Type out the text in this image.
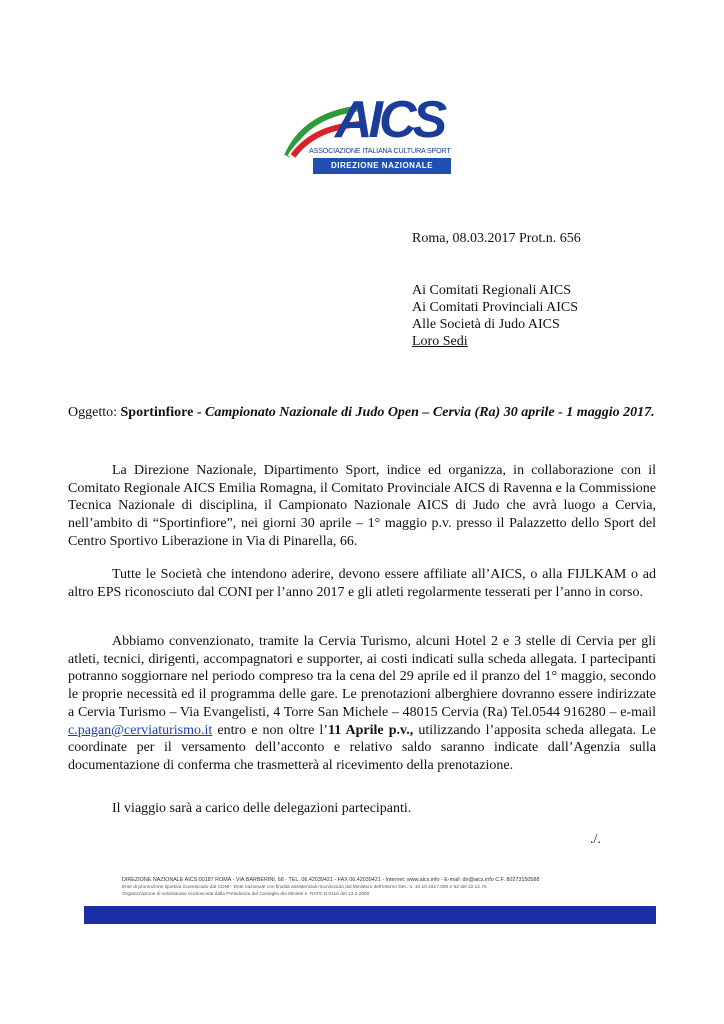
AICS
ASSOCIAZIONE ITALIANA CULTURA SPORT
DIREZIONE NAZIONALE
Roma, 08.03.2017 Prot.n. 656
Ai Comitati Regionali AICS
Ai Comitati Provinciali AICS
Alle Società di Judo AICS
Loro Sedi
Oggetto: Sportinfiore - Campionato Nazionale di Judo Open – Cervia (Ra) 30 aprile - 1 maggio 2017.
La Direzione Nazionale, Dipartimento Sport, indice ed organizza, in collaborazione con il Comitato Regionale AICS Emilia Romagna, il Comitato Provinciale AICS di Ravenna e la Commissione Tecnica Nazionale di disciplina, il Campionato Nazionale AICS di Judo che avrà luogo a Cervia, nell’ambito di “Sportinfiore”, nei giorni 30 aprile – 1° maggio p.v. presso il Palazzetto dello Sport del Centro Sportivo Liberazione in Via di Pinarella, 66.
Tutte le Società che intendono aderire, devono essere affiliate all’AICS, o alla FIJLKAM o ad altro EPS riconosciuto dal CONI per l’anno 2017 e gli atleti regolarmente tesserati per l’anno in corso.
Abbiamo convenzionato, tramite la Cervia Turismo, alcuni Hotel 2 e 3 stelle di Cervia per gli atleti, tecnici, dirigenti, accompagnatori e supporter, ai costi indicati sulla scheda allegata. I partecipanti potranno soggiornare nel periodo compreso tra la cena del 29 aprile ed il pranzo del 1° maggio, secondo le proprie necessità ed il programma delle gare. Le prenotazioni alberghiere dovranno essere indirizzate a Cervia Turismo – Via Evangelisti, 4 Torre San Michele – 48015 Cervia (Ra) Tel.0544 916280 – e-mail c.pagan@cerviaturismo.it entro e non oltre l’11 Aprile p.v., utilizzando l’apposita scheda allegata. Le coordinate per il versamento dell’acconto e relativo saldo saranno indicate dall’Agenzia sulla documentazione di conferma che trasmetterà al ricevimento della prenotazione.
Il viaggio sarà a carico delle delegazioni partecipanti.
./.
DIREZIONE NAZIONALE AICS 00187 ROMA - VIA BARBERINI, 68 - TEL. 06.42039421 - FAX 06.42039421 - Internet: www.aics.info - E-mail: dn@aics.info C.F. 80273150588
Ente di promozione sportiva riconosciuto dal CONI - Ente nazionale con finalità assistenziali riconosciuto dal Ministero dell'Interno Dec. n. 10.10.1617.000 e 52 del 22.12.75
Organizzazione di volontariato riconosciuta dalla Presidenza del Consiglio dei Ministri n. RATE N.0116 del 13.3.2000
